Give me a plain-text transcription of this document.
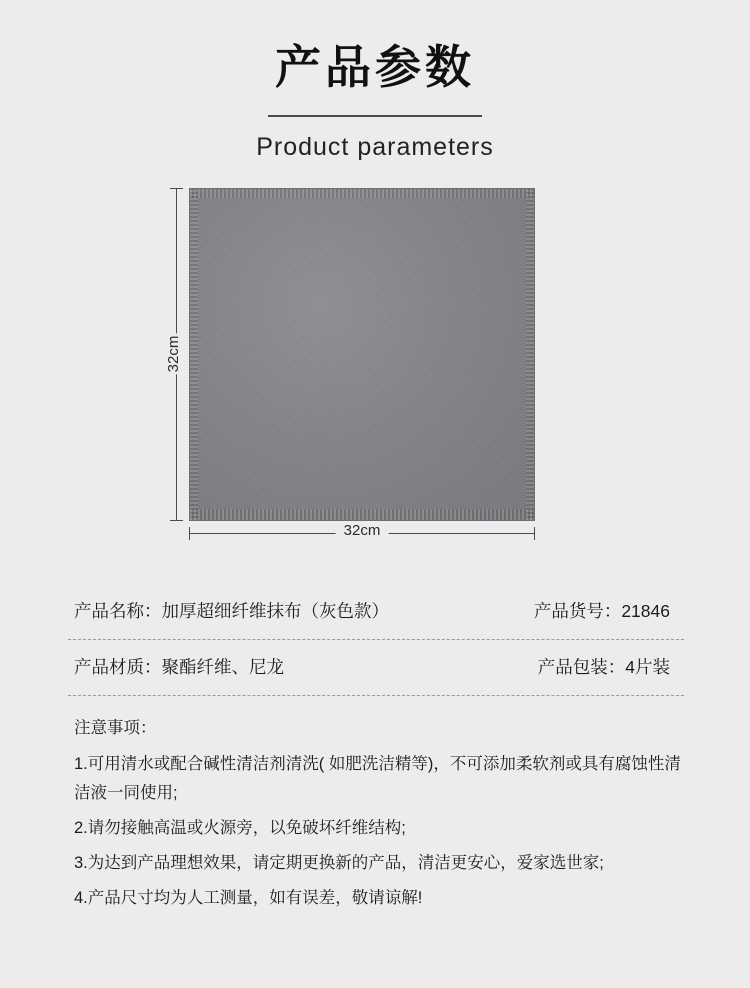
产品参数
Product parameters
32cm
32cm
产品名称：加厚超细纤维抹布（灰色款）	产品货号：21846
产品材质：聚酯纤维、尼龙	产品包装：4片装
注意事项：
1.可用清水或配合碱性清洁剂清洗( 如肥洗洁精等)，不可添加柔软剂或具有腐蚀性清洁液一同使用;
2.请勿接触高温或火源旁，以免破坏纤维结构;
3.为达到产品理想效果，请定期更换新的产品，清洁更安心，爱家选世家;
4.产品尺寸均为人工测量，如有误差，敬请谅解!
